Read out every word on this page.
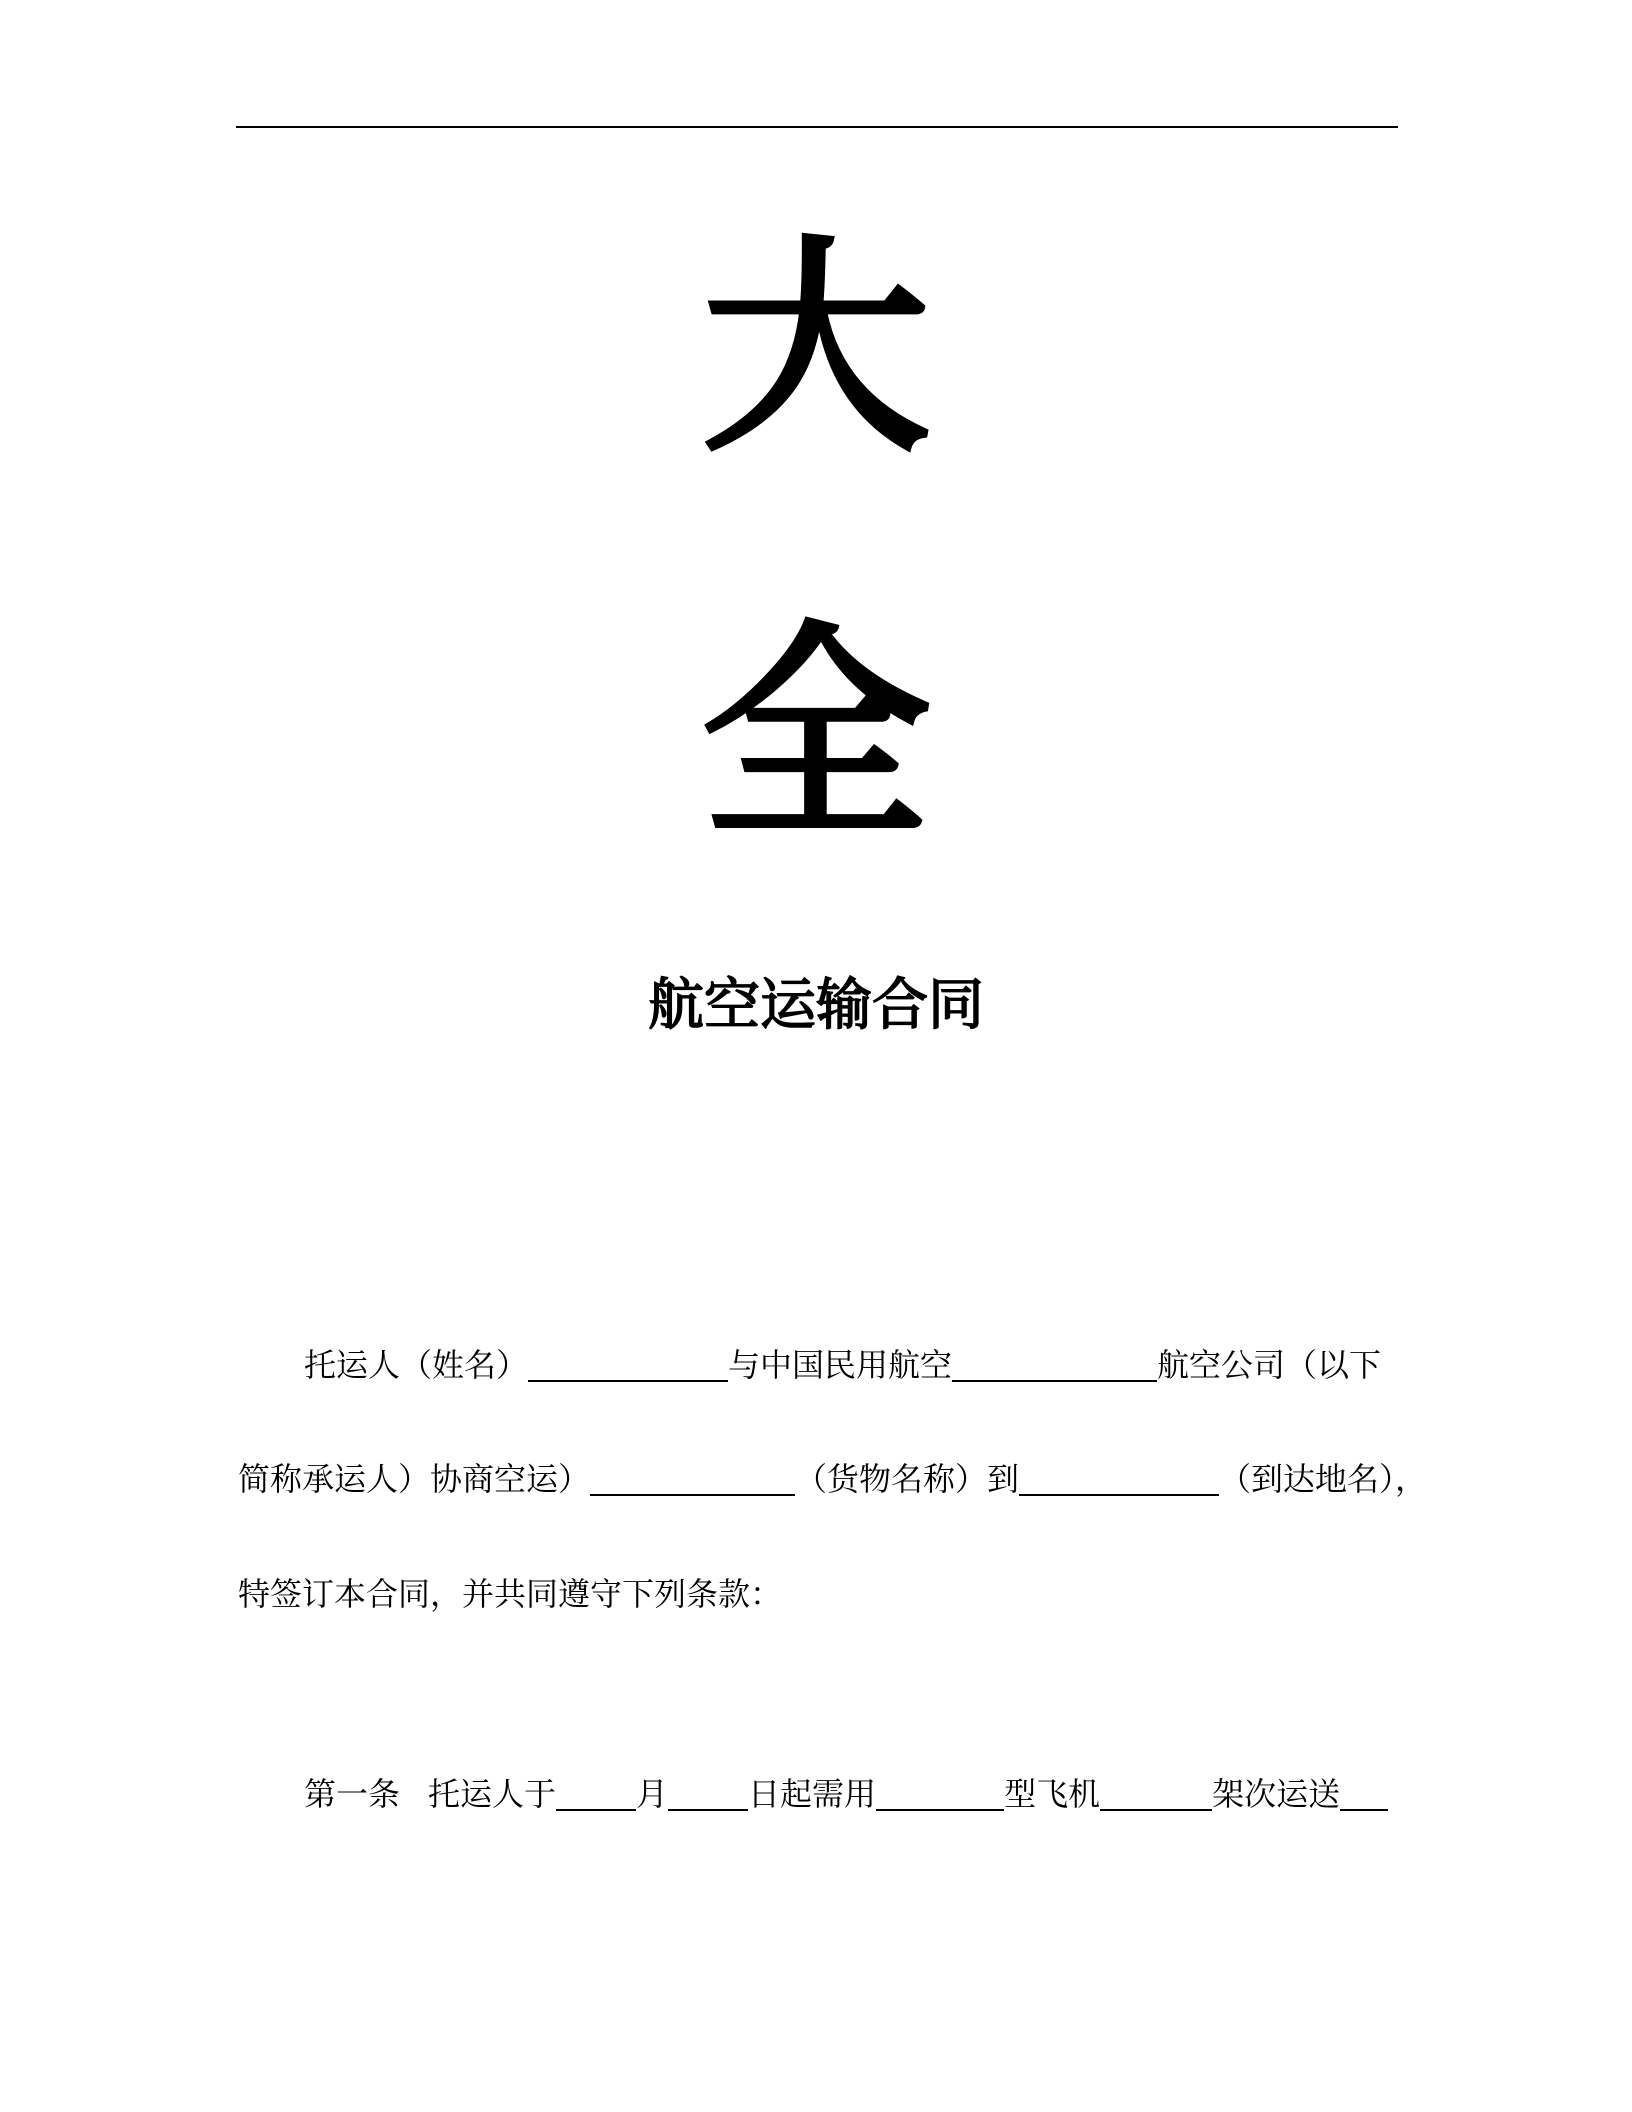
大
全
航空运输合同
托运人（姓名）	与中国民用航空	航空公司（以下
简称承运人）协商空运）	（货物名称）到	（到达地名），
特签订本合同，并共同遵守下列条款：
第一条 托运人于	月	日起需用	型飞机	架次运送
